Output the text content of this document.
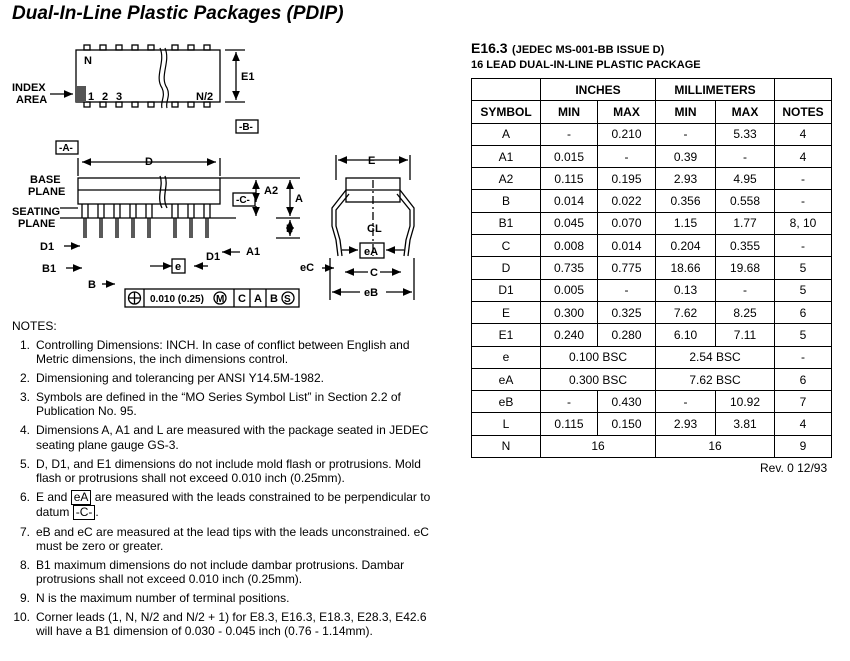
Dual-In-Line Plastic Packages (PDIP)
INDEX
AREA
N
1 2 3	N/2
E1
-B-
-A-
-C-
D
BASE
PLANE
SEATING
PLANE
A2
A
L
A1
D1
D1
B1
B
e
0.010 (0.25) M C A B S
E
CL
eA
C
eC
eB
NOTES:
1. Controlling Dimensions: INCH. In case of conflict between English and Metric dimensions, the inch dimensions control.
2. Dimensioning and tolerancing per ANSI Y14.5M-1982.
3. Symbols are defined in the “MO Series Symbol List” in Section 2.2 of Publication No. 95.
4. Dimensions A, A1 and L are measured with the package seated in JEDEC seating plane gauge GS-3.
5. D, D1, and E1 dimensions do not include mold flash or protrusions. Mold flash or protrusions shall not exceed 0.010 inch (0.25mm).
6. E and eA are measured with the leads constrained to be perpendicular to datum -C- .
7. eB and eC are measured at the lead tips with the leads unconstrained. eC must be zero or greater.
8. B1 maximum dimensions do not include dambar protrusions. Dambar protrusions shall not exceed 0.010 inch (0.25mm).
9. N is the maximum number of terminal positions.
10. Corner leads (1, N, N/2 and N/2 + 1) for E8.3, E16.3, E18.3, E28.3, E42.6 will have a B1 dimension of 0.030 - 0.045 inch (0.76 - 1.14mm).
E16.3 (JEDEC MS-001-BB ISSUE D)
16 LEAD DUAL-IN-LINE PLASTIC PACKAGE
	INCHES		MILLIMETERS		
SYMBOL	MIN	MAX	MIN	MAX	NOTES
A	-	0.210	-	5.33	4
A1	0.015	-	0.39	-	4
A2	0.115	0.195	2.93	4.95	-
B	0.014	0.022	0.356	0.558	-
B1	0.045	0.070	1.15	1.77	8, 10
C	0.008	0.014	0.204	0.355	-
D	0.735	0.775	18.66	19.68	5
D1	0.005	-	0.13	-	5
E	0.300	0.325	7.62	8.25	6
E1	0.240	0.280	6.10	7.11	5
e	0.100 BSC		2.54 BSC		-
eA	0.300 BSC		7.62 BSC		6
eB	-	0.430	-	10.92	7
L	0.115	0.150	2.93	3.81	4
N	16		16		9
Rev. 0 12/93
